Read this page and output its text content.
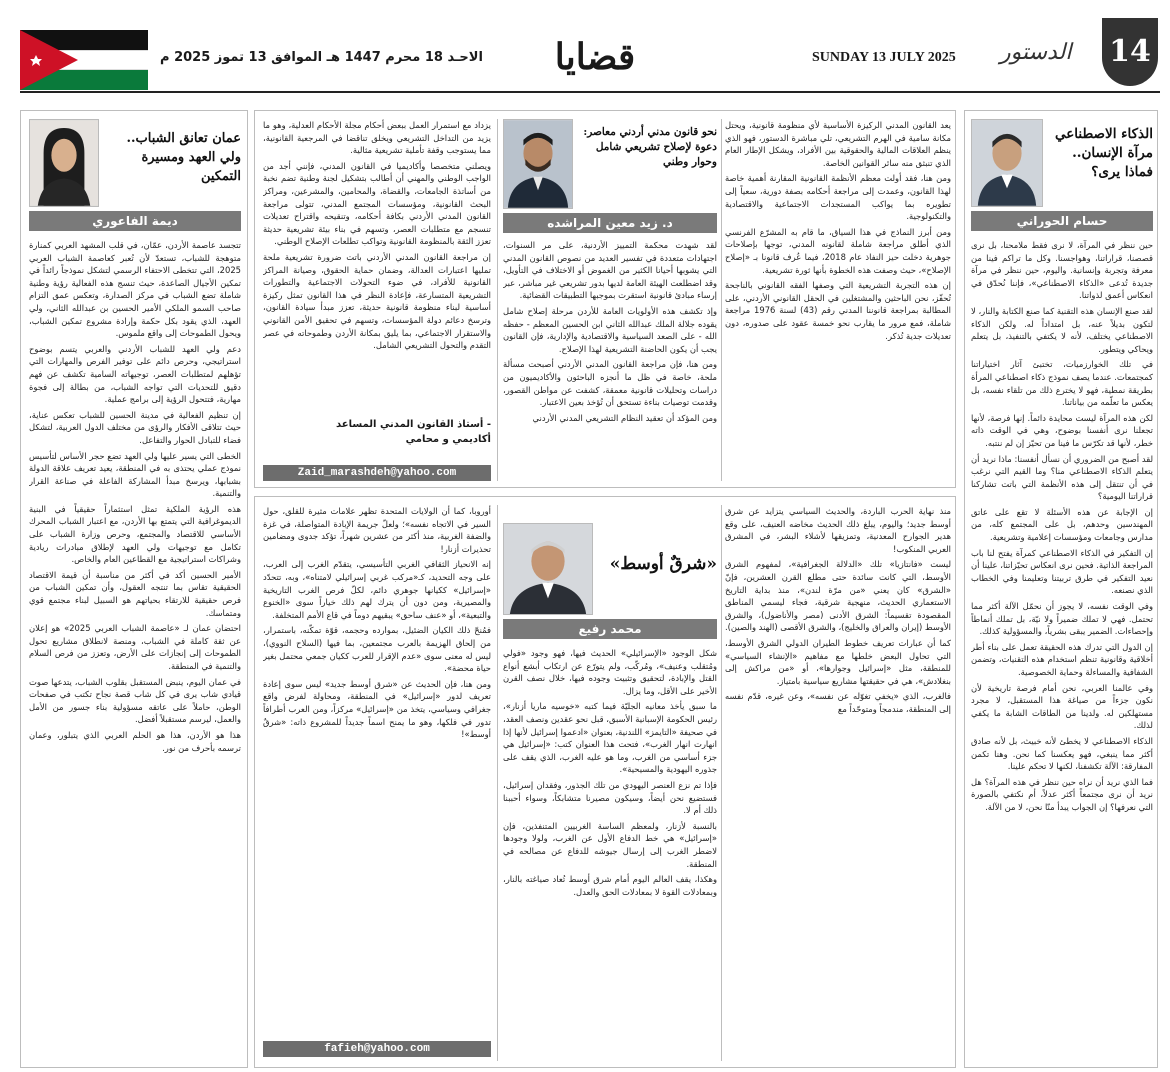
الاحـد 18 محرم 1447 هـ الموافق 13 تموز 2025 م	قضايا	SUNDAY 13 JULY 2025 الدستور 14
الذكاء الاصطناعي مرآة الإنسان.. فماذا يرى؟
حسام الحوراني

حين ننظر في المرآة، لا نرى فقط ملامحنا، بل نرى قصصنا، قراراتنا، وهواجسنا. وكل ما تراكم فينا من معرفة وتجربة وإنسانية. واليوم، حين ننظر في مرآة جديدة تُدعى «الذكاء الاصطناعي»، فإننا نُحدّق في انعكاس أعمق لذواتنا.

لقد صنع الإنسان هذه التقنية كما صنع الكتابة والنار، لا لتكون بديلاً عنه، بل امتداداً له. ولكن الذكاء الاصطناعي يختلف، لأنه لا يكتفي بالتنفيذ، بل يتعلم ويحاكي ويتطور.

في تلك الخوارزميات، تختبئ آثار اختياراتنا كمجتمعات. عندما يصف نموذج ذكاء اصطناعي المرأة بطريقة نمطية، فهو لا يخترع ذلك من تلقاء نفسه، بل يعكس ما تعلّمه من بياناتنا.

لكن هذه المرآة ليست محايدة دائماً. إنها فرصة، لأنها تجعلنا نرى أنفسنا بوضوح، وهي في الوقت ذاته خطر، لأنها قد تكرّس ما فينا من تحيّز إن لم ننتبه.

لقد أصبح من الضروري أن نسأل أنفسنا: ماذا نريد أن يتعلم الذكاء الاصطناعي منا؟ وما القيم التي نرغب في أن تنتقل إلى هذه الأنظمة التي باتت تشاركنا قراراتنا اليومية؟

إن الإجابة عن هذه الأسئلة لا تقع على عاتق المهندسين وحدهم، بل على المجتمع كله، من مدارس وجامعات ومؤسسات إعلامية وتشريعية.

إن التفكير في الذكاء الاصطناعي كمرآة يفتح لنا باب المراجعة الذاتية. فحين نرى انعكاس تحيّزاتنا، علينا أن نعيد التفكير في طرق تربيتنا وتعليمنا وفي الخطاب الذي نصنعه.

وفي الوقت نفسه، لا يجوز أن نحمّل الآلة أكثر مما تحتمل. فهي لا تملك ضميراً ولا نيّة، بل تملك أنماطاً وإحصاءات. الضمير يبقى بشرياً، والمسؤولية كذلك.

إن الدول التي تدرك هذه الحقيقة تعمل على بناء أطر أخلاقية وقانونية تنظم استخدام هذه التقنيات، وتضمن الشفافية والمساءلة وحماية الخصوصية.

وفي عالمنا العربي، نحن أمام فرصة تاريخية لأن نكون جزءاً من صياغة هذا المستقبل، لا مجرد مستهلكين له. ولدينا من الطاقات الشابة ما يكفي لذلك.

الذكاء الاصطناعي لا يخطئ لأنه خبيث، بل لأنه صادق أكثر مما ينبغي، فهو يعكسنا كما نحن. وهنا تكمن المفارقة: الآلة تكشفنا، لكنها لا تحكم علينا.

فما الذي نريد أن نراه حين ننظر في هذه المرآة؟ هل نريد أن نرى مجتمعاً أكثر عدلاً، أم نكتفي بالصورة التي نعرفها؟ إن الجواب يبدأ منّا نحن، لا من الآلة.

نحو قانون مدني أردني معاصر: دعوة لإصلاح تشريعي شامل وحوار وطني
د. زيد معين المراشده

يعد القانون المدني الركيزة الأساسية لأي منظومة قانونية، ويحتل مكانة سامية في الهرم التشريعي، تلي مباشرة الدستور، فهو الذي ينظم العلاقات المالية والحقوقية بين الأفراد، ويشكل الإطار العام الذي تنبثق منه سائر القوانين الخاصة.

ومن هنا، فقد أولت معظم الأنظمة القانونية المقارنة أهمية خاصة لهذا القانون، وعمدت إلى مراجعة أحكامه بصفة دورية، سعياً إلى تطويره بما يواكب المستجدات الاجتماعية والاقتصادية والتكنولوجية.

ومن أبرز النماذج في هذا السياق، ما قام به المشرّع الفرنسي الذي أطلق مراجعة شاملة لقانونه المدني، توجها بإصلاحات جوهرية دخلت حيز النفاذ عام 2018، فيما عُرف قانونا بـ «إصلاح الإصلاح»، حيث وصفت هذه الخطوة بأنها ثورة تشريعية.

إن هذه التجربة التشريعية التي وصفها الفقه القانوني بالناجحة تُحفّز، نحن الباحثين والمشتغلين في الحقل القانوني الأردني، على المطالبة بمراجعة قانوننا المدني رقم (43) لسنة 1976 مراجعة شاملة، فمع مرور ما يقارب نحو خمسة عقود على صدوره، دون تعديلات جدية تُذكر.

لقد شهدت محكمة التمييز الأردنية، على مر السنوات، اجتهادات متعددة في تفسير العديد من نصوص القانون المدني التي يشوبها أحيانا الكثير من الغموض أو الاختلاف في التأويل، وقد اضطلعت الهيئة العامة لديها بدور تشريعي غير مباشر، عبر إرساء مبادئ قانونية استقرت بموجبها التطبيقات القضائية.

وإذ تكشف هذه الأولويات العامة للأردن مرحلة إصلاح شامل يقوده جلالة الملك عبدالله الثاني ابن الحسين المعظم - حفظه الله - على الصعد السياسية والاقتصادية والإدارية، فإن القانون يجب أن يكون الحاضنة التشريعية لهذا الإصلاح.

ومن هنا، فإن مراجعة القانون المدني الأردني أصبحت مسألة ملحة، خاصة في ظل ما أنجزه الباحثون والأكاديميون من دراسات وتحليلات قانونية معمقة، كشفت عن مواطن القصور، وقدمت توصيات بناءة تستحق أن تُؤخذ بعين الاعتبار.

ومن المؤكد أن تعقيد النظام التشريعي المدني الأردني

يزداد مع استمرار العمل ببعض أحكام مجلة الأحكام العدلية، وهو ما يزيد من التداخل التشريعي ويخلق تناقضا في المرجعية القانونية، مما يستوجب وقفة تأملية تشريعية مثالية.

ويصلني متخصصا وأكاديميا في القانون المدني، فإنني أجد من الواجب الوطني والمهني أن أطالب بتشكيل لجنة وطنية تضم نخبة من أساتذة الجامعات، والقضاة، والمحامين، والمشرعين، ومراكز البحث القانونية، ومؤسسات المجتمع المدني، تتولى مراجعة القانون المدني الأردني بكافة أحكامه، وتنقيحه واقتراح تعديلات تنسجم مع متطلبات العصر، وتسهم في بناء بيئة تشريعية حديثة تعزز الثقة بالمنظومة القانونية وتواكب تطلعات الإصلاح الوطني.

إن مراجعة القانون المدني الأردني باتت ضرورة تشريعية ملحة تمليها اعتبارات العدالة، وضمان حماية الحقوق، وصيانة المراكز القانونية للأفراد، في ضوء التحولات الاجتماعية والتطورات التشريعية المتسارعة، فإعادة النظر في هذا القانون تمثل ركيزة أساسية لبناء منظومة قانونية حديثة، تعزز مبدأ سيادة القانون، وترسخ دعائم دولة المؤسسات، وتسهم في تحقيق الأمن القانوني والاستقرار الاجتماعي، بما يليق بمكانة الأردن وطموحاته في عصر التقدم والتحول التشريعي الشامل.

- أستاذ القانون المدني المساعد
أكاديمي و محامي
Zaid_marashdeh@yahoo.com
عمان تعانق الشباب.. ولي العهد ومسيرة التمكين
ديمة الفاعوري

تتجسد عاصمة الأردن، عمّان، في قلب المشهد العربي كمنارة متوهجة للشباب، تستعدّ لأن تُعبر كعاصمة الشباب العربي 2025، التي تتخطى الاحتفاء الرسمي لتشكل نموذجاً رائداً في تمكين الأجيال الصاعدة، حيث تنسج هذه الفعالية رؤية وطنية شاملة تضع الشباب في مركز الصدارة، وتعكس عمق التزام صاحب السمو الملكي الأمير الحسين بن عبدالله الثاني، ولي العهد، الذي يقود بكل حكمة وإرادة مشروع تمكين الشباب، ويحول الطموحات إلى واقع ملموس.

دعم ولي العهد للشباب الأردني والعربي يتسم بوضوح استراتيجي، وحرص دائم على توفير الفرص والمهارات التي تؤهلهم لمتطلبات العصر، توجيهاته السامية تكشف عن فهم دقيق للتحديات التي تواجه الشباب، من بطالة إلى فجوة مهارية، فتتحول الرؤية إلى برامج عملية.

إن تنظيم الفعالية في مدينة الحسين للشباب تعكس عناية، حيث تتلاقى الأفكار والرؤى من مختلف الدول العربية، لتشكل فضاء للتبادل الحوار والتفاعل.

الخطى التي يسير عليها ولي العهد تضع حجر الأساس لتأسيس نموذج عملي يحتذى به في المنطقة، يعيد تعريف علاقة الدولة بشبابها، ويرسخ مبدأ المشاركة الفاعلة في صناعة القرار والتنمية.

هذه الرؤية الملكية تمثل استثماراً حقيقياً في البنية الديموغرافية التي يتمتع بها الأردن، مع اعتبار الشباب المحرك الأساسي للاقتصاد والمجتمع، وحرص وزارة الشباب على تكامل مع توجيهات ولي العهد لإطلاق مبادرات ريادية وشراكات استراتيجية مع القطاعين العام والخاص.

الأمير الحسين أكد في أكثر من مناسبة أن قيمة الاقتصاد الحقيقية تقاس بما تنتجه العقول، وأن تمكين الشباب من فرص حقيقية للارتقاء بحياتهم هو السبيل لبناء مجتمع قوي ومتماسك.

احتضان عمان لـ «عاصمة الشباب العربي 2025» هو إعلان عن ثقة كاملة في الشباب، ومنصة لانطلاق مشاريع تحول الطموحات إلى إنجازات على الأرض، وتعزز من فرص السلام والتنمية في المنطقة.

في عمان اليوم، ينبض المستقبل بقلوب الشباب، يتدعها صوت قيادي شاب يرى في كل شاب قصة نجاح تكتب في صفحات الوطن، حاملاً على عاتقه مسؤولية بناء جسور من الأمل والعمل، ليرسم مستقبلاً أفضل.

هذا هو الأردن، هذا هو الحلم العربي الذي يتبلور، وعمان ترسمه بأحرف من نور.

«شرقٌ أوسط»
محمد رفيع

منذ نهاية الحرب الباردة، والحديث السياسي يتزايد عن شرق أوسط جديد؛ واليوم، يبلغ ذلك الحديث مخاضه العنيف، على وقع هدير الجوارح المعدنية، وتمزيقها لأشلاء البشر، في المشرق العربي المنكوب!

ليست «فانتازيا» تلك «الدلالة الجغرافية»، لمفهوم الشرق الأوسط، التي كانت سائدة حتى مطلع القرن العشرين، فإنّ «الشرق» كان يعني «من مرّة لندن»، منذ بداية التاريخ الاستعماري الحديث، منهجية شرقية، فجاء ليسمي المناطق المقصودة تقسيماً: الشرق الأدنى (مصر والأناضول)، والشرق الأوسط (إيران والعراق والخليج)، والشرق الأقصى (الهند والصين).

كما أن عبارات تعريف خطوط الطيران الدولي الشرق الأوسط، التي تحاول البعض خلطها مع مفاهيم «الإنشاء السياسي» للمنطقة، مثل «إسرائيل وجوارها»، أو «من مراكش إلى بنغلادش»، هي في حقيقتها مشاريع سياسية بامتياز.

فالغرب، الذي «يخفي تغوّله عن نفسه»، وعن غيره، قدّم نفسه إلى المنطقة، مندمجاً ومتوحّداً مع

شكل الوجود «الإسرائيلي» الحديث فيها، فهو وجود «فولي ومُتقلب وعنيف»، ومُركّب، ولم يتورّع عن ارتكاب أبشع أنواع القتل والإبادة، لتحقيق وتثبيت وجوده فيها، خلال نصف القرن الأخير على الأقل، وما يزال.

ما سبق يأخذ معانيه الجليّة فيما كتبه «خوسيه ماريا أزنار»، رئيس الحكومة الإسبانية الأسبق، قبل نحو عقدين ونصف العقد، في صحيفة «التايمز» اللندنية، بعنوان «ادعموا إسرائيل لأنها إذا انهارت انهار الغرب»، فتحت هذا العنوان كتب: «إسرائيل هي جزء أساسي من الغرب، وما هو عليه الغرب، الذي يقف على جذوره اليهودية والمسيحية».

فإذا تم نزع العنصر اليهودي من تلك الجذور، وفقدان إسرائيل، فستضيع نحن أيضاً، وسيكون مصيرنا متشابكاً، وسواء أحببنا ذلك أم لا.

بالنسبة لأزنار، ولمعظم الساسة الغربيين المتنفذين، فإن «إسرائيل» هي خط الدفاع الأول عن الغرب، ولولا وجودها لاضطر الغرب إلى إرسال جيوشه للدفاع عن مصالحه في المنطقة.

وهكذا، يقف العالم اليوم أمام شرق أوسط تُعاد صياغته بالنار، وبمعادلات القوة لا بمعادلات الحق والعدل.

أوروبا، كما أن الولايات المتحدة تظهر علامات مثيرة للقلق، حول السير في الاتجاه نفسه»؛ ولعلّ جريمة الإبادة المتواصلة، في غزة والضفة الغربية، منذ أكثر من عشرين شهراً، تؤكد جدوى ومضامين تحذيرات أزنار!

إنه الانحياز الثقافي الغربي التأسيسي، يتقدّم الغرب إلى العرب، على وجه التحديد، كـ«مركب غربي إسرائيلي لامتناه»، وبه، تتحدّد «إسرائيل» ككيانها جوهري دائم، لكلّ فرص الغرب التاريخية والمصيرية، ومن دون أن يترك لهم ذلك خياراً سوى «الخنوع والتبعية»، أو «عنف ساحق» يبقيهم دوماً في قاع الأمم المتخلفة.

فمُنحّ ذلك الكيان الضئيل، بموارده وحجمه، قوّة تمكّنه، باستمرار، من إلحاق الهزيمة بالعرب مجتمعين، بما فيها (السلاح النووي)، ليس له معنى سوى «عدم الإقرار للعرب ككيان جمعي محتمل بغير حياة محضة».

ومن هنا، فإن الحديث عن «شرق أوسط جديد» ليس سوى إعادة تعريف لدور «إسرائيل» في المنطقة، ومحاولة لفرض واقع جغرافي وسياسي، يتخذ من «إسرائيل» مركزاً، ومن العرب أطرافاً تدور في فلكها، وهو ما يمنح اسماً جديداً للمشروع ذاته: «شرقٌ أوسط»!

fafieh@yahoo.com
